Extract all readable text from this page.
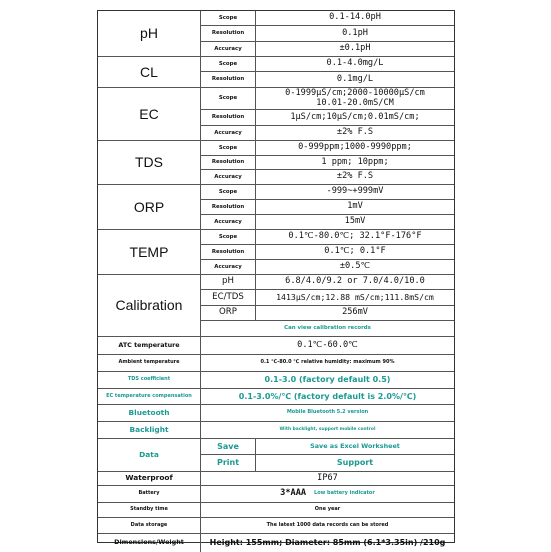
pH
Scope	0.1-14.0pH
Resolution	0.1pH
Accuracy	±0.1pH
CL
Scope	0.1-4.0mg/L
Resolution	0.1mg/L
EC
Scope
0-1999μS/cm;2000-10000μS/cm
10.01-20.0mS/CM
Resolution	1μS/cm;10μS/cm;0.01mS/cm;
Accuracy	±2% F.S
TDS
Scope	0-999ppm;1000-9990ppm;
Resolution	1 ppm; 10ppm;
Accuracy	±2% F.S
ORP
Scope	-999~+999mV
Resolution	1mV
Accuracy	15mV
TEMP
Scope	0.1℃-80.0℃; 32.1°F-176°F
Resolution	0.1℃; 0.1°F
Accuracy	±0.5℃
Calibration
pH	6.8/4.0/9.2 or 7.0/4.0/10.0
EC/TDS	1413μS/cm;12.88 mS/cm;111.8mS/cm
ORP	256mV
Can view calibration records
ATC temperature	0.1℃-60.0℃
Ambient temperature	0.1 ℃-80.0 ℃ relative humidity: maximum 90%
TDS coefficient	0.1-3.0 (factory default 0.5)
EC temperature compensation	0.1-3.0%/℃ (factory default is 2.0%/℃)
Bluetooth	Mobile Bluetooth 5.2 version
Backlight	With backlight, support mobile control
Data
Save	Save as Excel Worksheet
Print	Support
Waterproof	IP67
Battery	3*AAA Low battery indicator
Standby time	One year
Data storage	The latest 1000 data records can be stored
Dimensions/Weight	Height: 155mm; Diameter: 85mm (6.1*3.35in) /210g
